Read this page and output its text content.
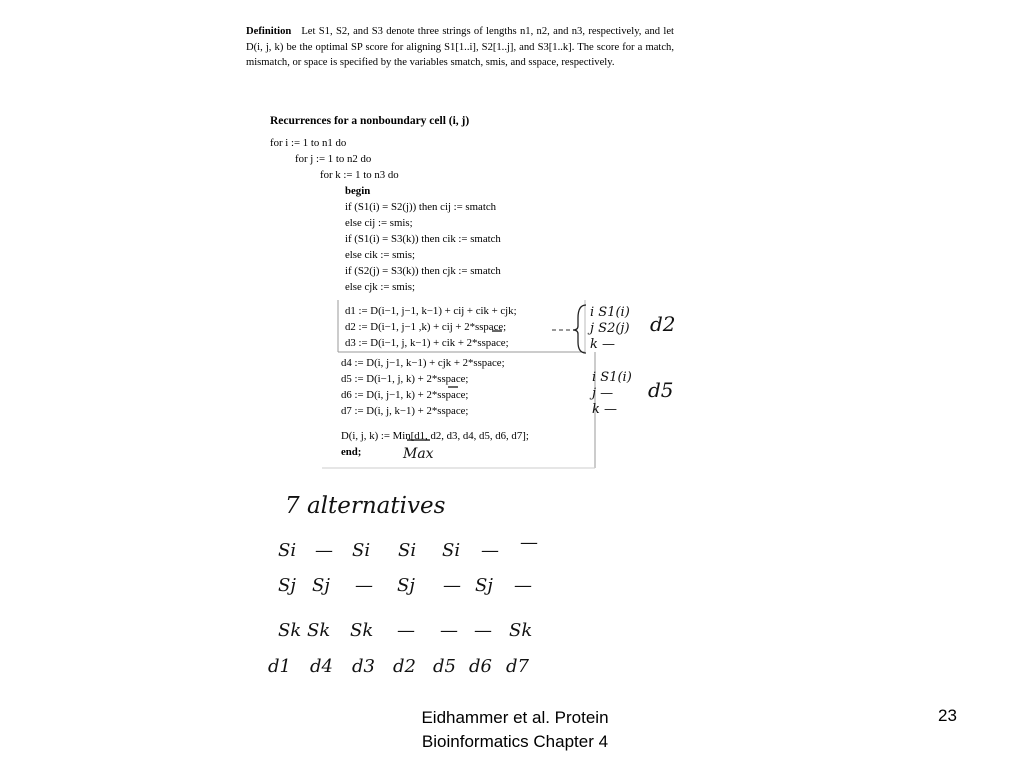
Definition Let S1, S2, and S3 denote three strings of lengths n1, n2, and n3, respectively, and let D(i, j, k) be the optimal SP score for aligning S1[1..i], S2[1..j], and S3[1..k]. The score for a match, mismatch, or space is specified by the variables smatch, smis, and sspace, respectively.
Recurrences for a nonboundary cell (i, j)
for i := 1 to n1 do
for j := 1 to n2 do
for k := 1 to n3 do
begin
if (S1(i) = S2(j)) then cij := smatch
else cij := smis;
if (S1(i) = S3(k)) then cik := smatch
else cik := smis;
if (S2(j) = S3(k)) then cjk := smatch
else cjk := smis;
d1 := D(i−1, j−1, k−1) + cij + cik + cjk;
d2 := D(i−1, j−1 ,k) + cij + 2*sspace;
d3 := D(i−1, j, k−1) + cik + 2*sspace;
d4 := D(i, j−1, k−1) + cjk + 2*sspace;
d5 := D(i−1, j, k) + 2*sspace;
d6 := D(i, j−1, k) + 2*sspace;
d7 := D(i, j, k−1) + 2*sspace;
D(i, j, k) := Min[d1, d2, d3, d4, d5, d6, d7];
end;	Max
i S1(i)
j S2(j)
k —
d2
i S1(i)
j —
k —
d5
7 alternatives
Si — Si Si Si — —
Sj Sj — Sj — Sj —
Sk Sk Sk — — — Sk
d1 d4 d3 d2 d5 d6 d7
Eidhammer et al. Protein
Bioinformatics Chapter 4
23
